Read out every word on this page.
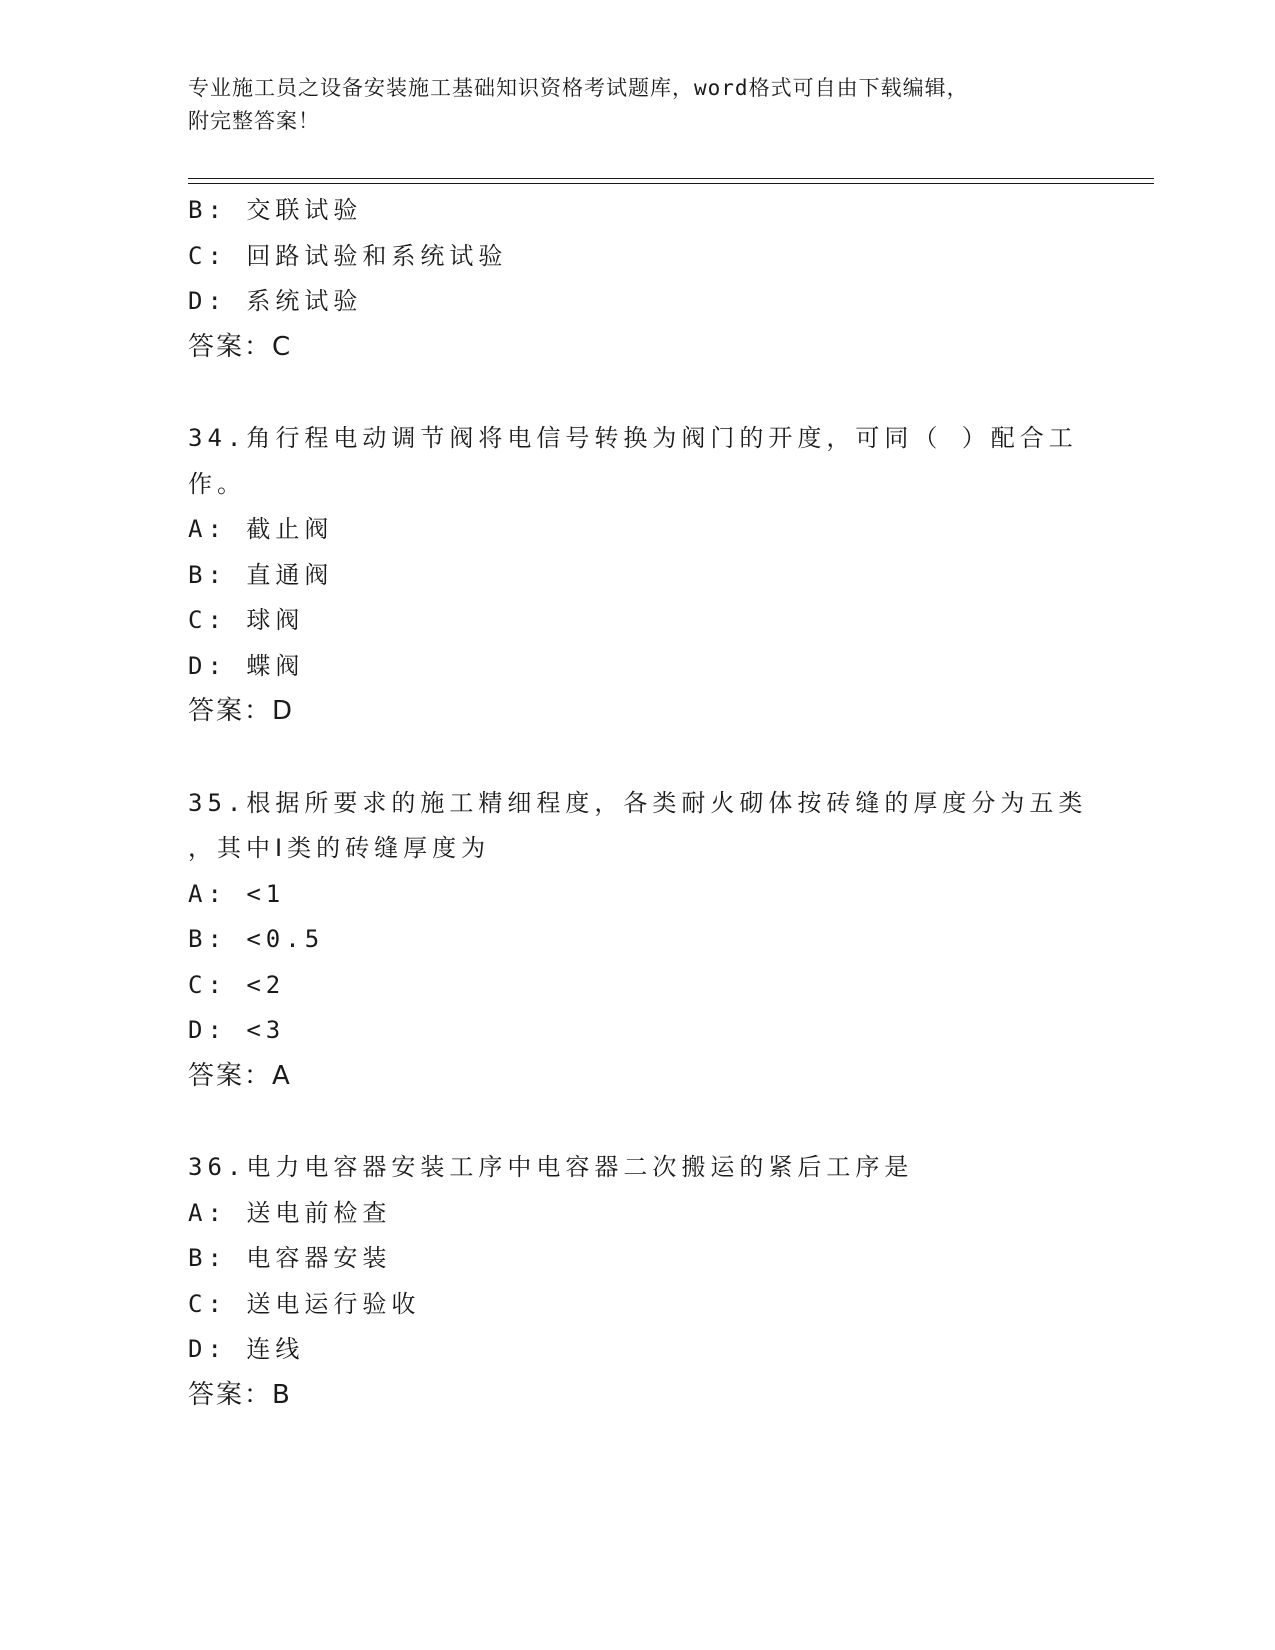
专业施工员之设备安装施工基础知识资格考试题库，word格式可自由下载编辑，
附完整答案！
B: 交联试验
C: 回路试验和系统试验
D: 系统试验
答案：C
34.角行程电动调节阀将电信号转换为阀门的开度，可同（ ）配合工
作。
A: 截止阀
B: 直通阀
C: 球阀
D: 蝶阀
答案：D
35.根据所要求的施工精细程度，各类耐火砌体按砖缝的厚度分为五类
，其中Ⅰ类的砖缝厚度为
A: <1
B: <0.5
C: <2
D: <3
答案：A
36.电力电容器安装工序中电容器二次搬运的紧后工序是
A: 送电前检查
B: 电容器安装
C: 送电运行验收
D: 连线
答案：B
